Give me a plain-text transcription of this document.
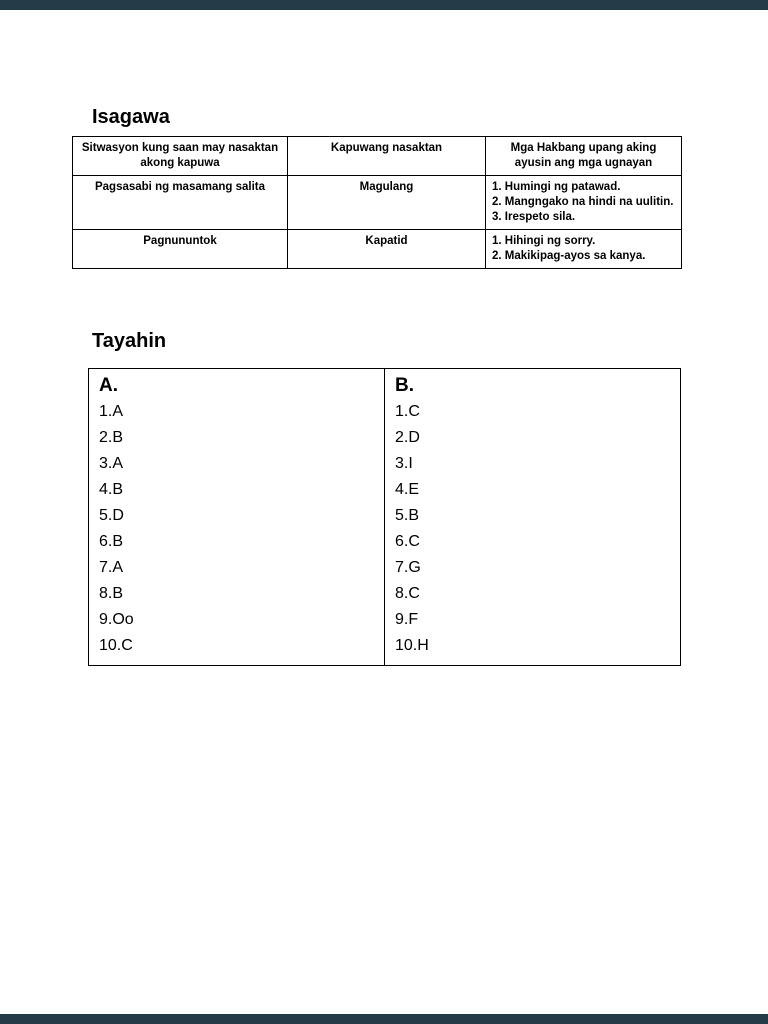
Isagawa
Sitwasyon kung saan may nasaktan akong kapuwa	Kapuwang nasaktan	Mga Hakbang upang aking ayusin ang mga ugnayan
Pagsasabi ng masamang salita	Magulang	1. Humingi ng patawad.
2. Mangngako na hindi na uulitin.
3. Irespeto sila.

Pagnununtok	Kapatid	1. Hihingi ng sorry.
2. Makikipag-ayos sa kanya.
Tayahin
A.
1.A
2.B
3.A
4.B
5.D
6.B
7.A
8.B
9.Oo
10.C

B.
1.C
2.D
3.I
4.E
5.B
6.C
7.G
8.C
9.F
10.H
